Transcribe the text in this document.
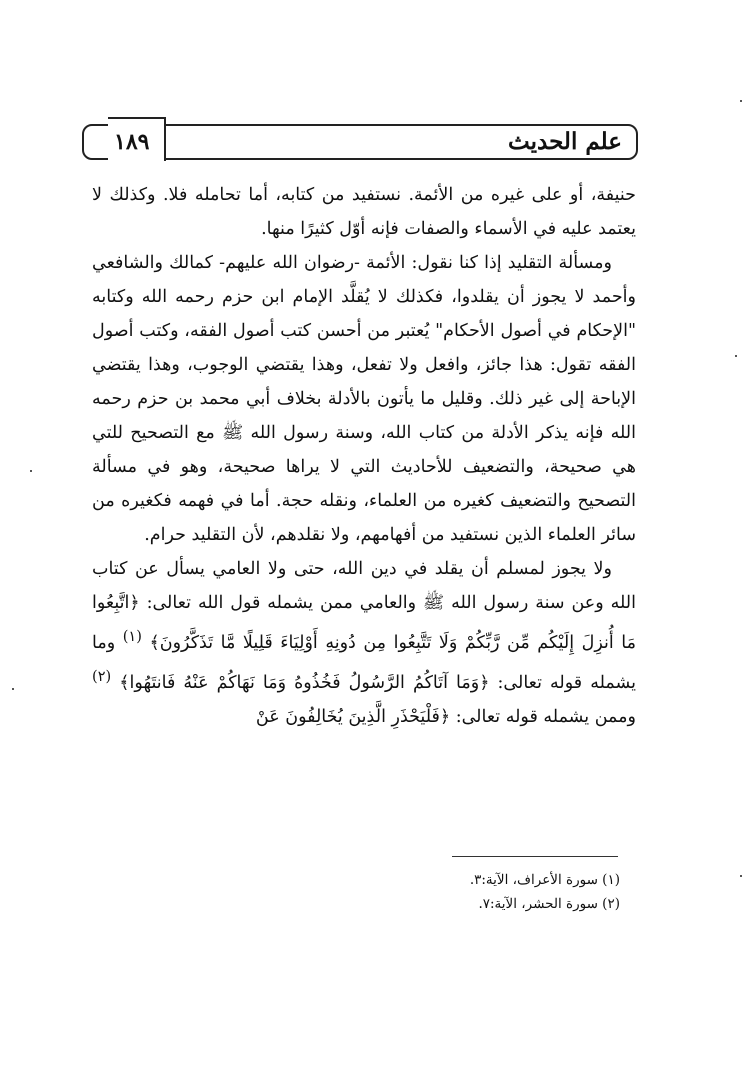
١٨٩	علم الحديث

حنيفة، أو على غيره من الأئمة. نستفيد من كتابه، أما تحامله فلا. وكذلك لا يعتمد عليه في الأسماء والصفات فإنه أوّل كثيرًا منها.

ومسألة التقليد إذا كنا نقول: الأئمة -رضوان الله عليهم- كمالك والشافعي وأحمد لا يجوز أن يقلدوا، فكذلك لا يُقلَّد الإمام ابن حزم رحمه الله وكتابه "الإحكام في أصول الأحكام" يُعتبر من أحسن كتب أصول الفقه، وكتب أصول الفقه تقول: هذا جائز، وافعل ولا تفعل، وهذا يقتضي الوجوب، وهذا يقتضي الإباحة إلى غير ذلك. وقليل ما يأتون بالأدلة بخلاف أبي محمد بن حزم رحمه الله فإنه يذكر الأدلة من كتاب الله، وسنة رسول الله ﷺ مع التصحيح للتي هي صحيحة، والتضعيف للأحاديث التي لا يراها صحيحة، وهو في مسألة التصحيح والتضعيف كغيره من العلماء، ونقله حجة. أما في فهمه فكغيره من سائر العلماء الذين نستفيد من أفهامهم، ولا نقلدهم، لأن التقليد حرام.

ولا يجوز لمسلم أن يقلد في دين الله، حتى ولا العامي يسأل عن كتاب الله وعن سنة رسول الله ﷺ والعامي ممن يشمله قول الله تعالى: ﴿اتَّبِعُوا مَا أُنزِلَ إِلَيْكُم مِّن رَّبِّكُمْ وَلَا تَتَّبِعُوا مِن دُونِهِ أَوْلِيَاءَ قَلِيلًا مَّا تَذَكَّرُونَ﴾ $^{(١)}$ وما يشمله قوله تعالى: ﴿وَمَا آتَاكُمُ الرَّسُولُ فَخُذُوهُ وَمَا نَهَاكُمْ عَنْهُ فَانتَهُوا﴾ $^{(٢)}$ وممن يشمله قوله تعالى: ﴿فَلْيَحْذَرِ الَّذِينَ يُخَالِفُونَ عَنْ

(١) سورة الأعراف، الآية:٣.
(٢) سورة الحشر، الآية:٧.
